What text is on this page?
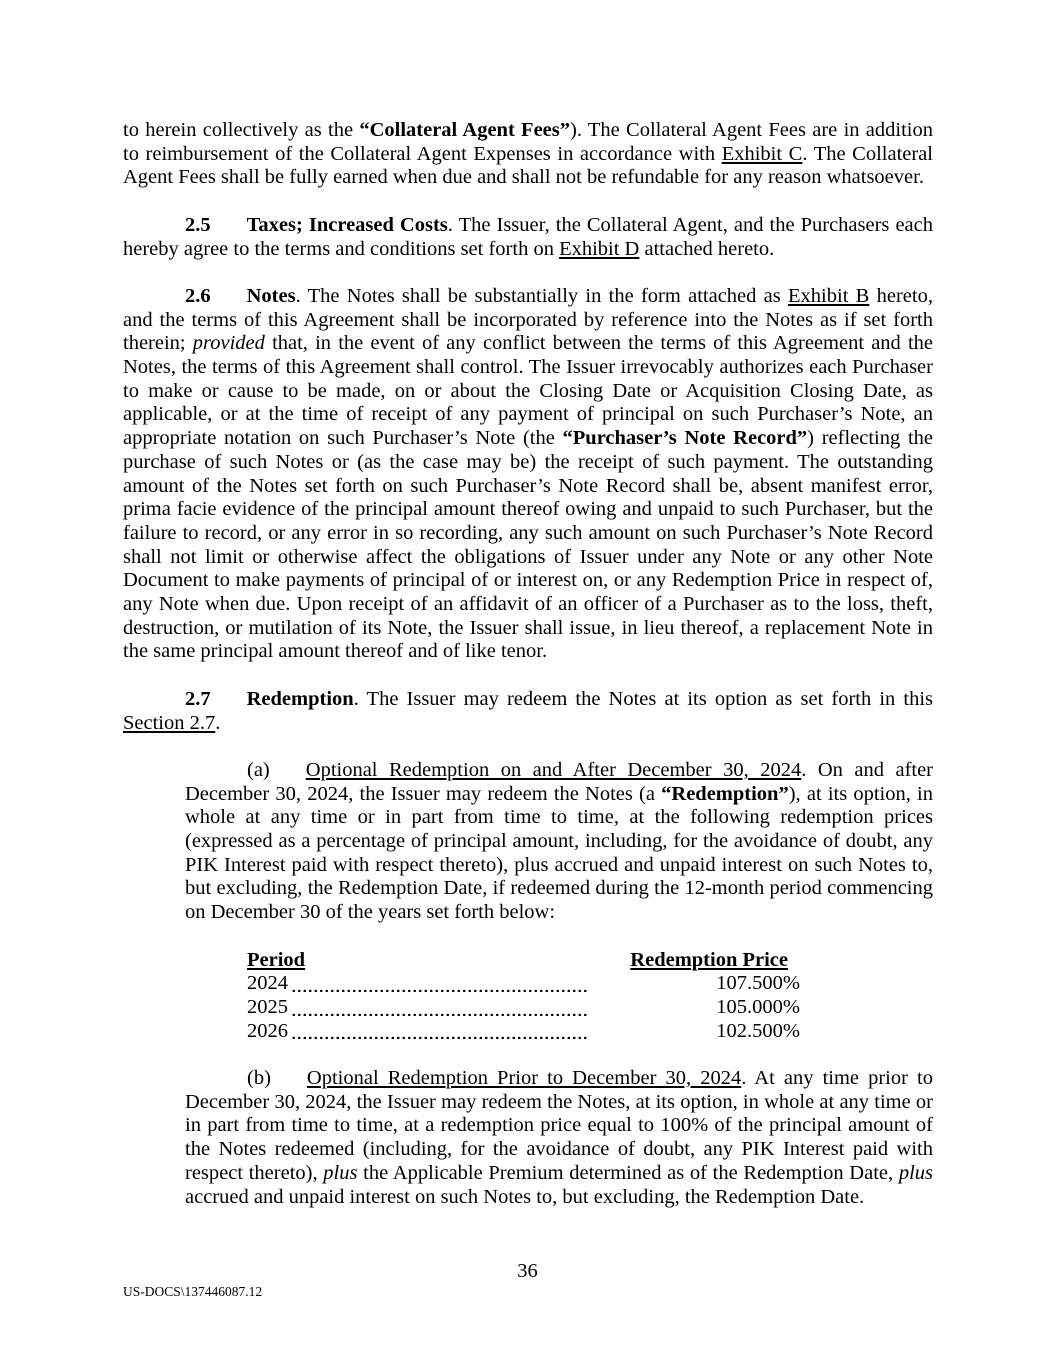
to herein collectively as the “Collateral Agent Fees”). The Collateral Agent Fees are in addition to reimbursement of the Collateral Agent Expenses in accordance with Exhibit C. The Collateral Agent Fees shall be fully earned when due and shall not be refundable for any reason whatsoever.

2.5 Taxes; Increased Costs. The Issuer, the Collateral Agent, and the Purchasers each hereby agree to the terms and conditions set forth on Exhibit D attached hereto.

2.6 Notes. The Notes shall be substantially in the form attached as Exhibit B hereto, and the terms of this Agreement shall be incorporated by reference into the Notes as if set forth therein; provided that, in the event of any conflict between the terms of this Agreement and the Notes, the terms of this Agreement shall control. The Issuer irrevocably authorizes each Purchaser to make or cause to be made, on or about the Closing Date or Acquisition Closing Date, as applicable, or at the time of receipt of any payment of principal on such Purchaser’s Note, an appropriate notation on such Purchaser’s Note (the “Purchaser’s Note Record”) reflecting the purchase of such Notes or (as the case may be) the receipt of such payment. The outstanding amount of the Notes set forth on such Purchaser’s Note Record shall be, absent manifest error, prima facie evidence of the principal amount thereof owing and unpaid to such Purchaser, but the failure to record, or any error in so recording, any such amount on such Purchaser’s Note Record shall not limit or otherwise affect the obligations of Issuer under any Note or any other Note Document to make payments of principal of or interest on, or any Redemption Price in respect of, any Note when due. Upon receipt of an affidavit of an officer of a Purchaser as to the loss, theft, destruction, or mutilation of its Note, the Issuer shall issue, in lieu thereof, a replacement Note in the same principal amount thereof and of like tenor.

2.7 Redemption. The Issuer may redeem the Notes at its option as set forth in this Section 2.7.

(a) Optional Redemption on and After December 30, 2024. On and after December 30, 2024, the Issuer may redeem the Notes (a “Redemption”), at its option, in whole at any time or in part from time to time, at the following redemption prices (expressed as a percentage of principal amount, including, for the avoidance of doubt, any PIK Interest paid with respect thereto), plus accrued and unpaid interest on such Notes to, but excluding, the Redemption Date, if redeemed during the 12-month period commencing on December 30 of the years set forth below:

Period	Redemption Price
2024	107.500%
2025	105.000%
2026	102.500%

(b) Optional Redemption Prior to December 30, 2024. At any time prior to December 30, 2024, the Issuer may redeem the Notes, at its option, in whole at any time or in part from time to time, at a redemption price equal to 100% of the principal amount of the Notes redeemed (including, for the avoidance of doubt, any PIK Interest paid with respect thereto), plus the Applicable Premium determined as of the Redemption Date, plus accrued and unpaid interest on such Notes to, but excluding, the Redemption Date.

36
US-DOCS\137446087.12
